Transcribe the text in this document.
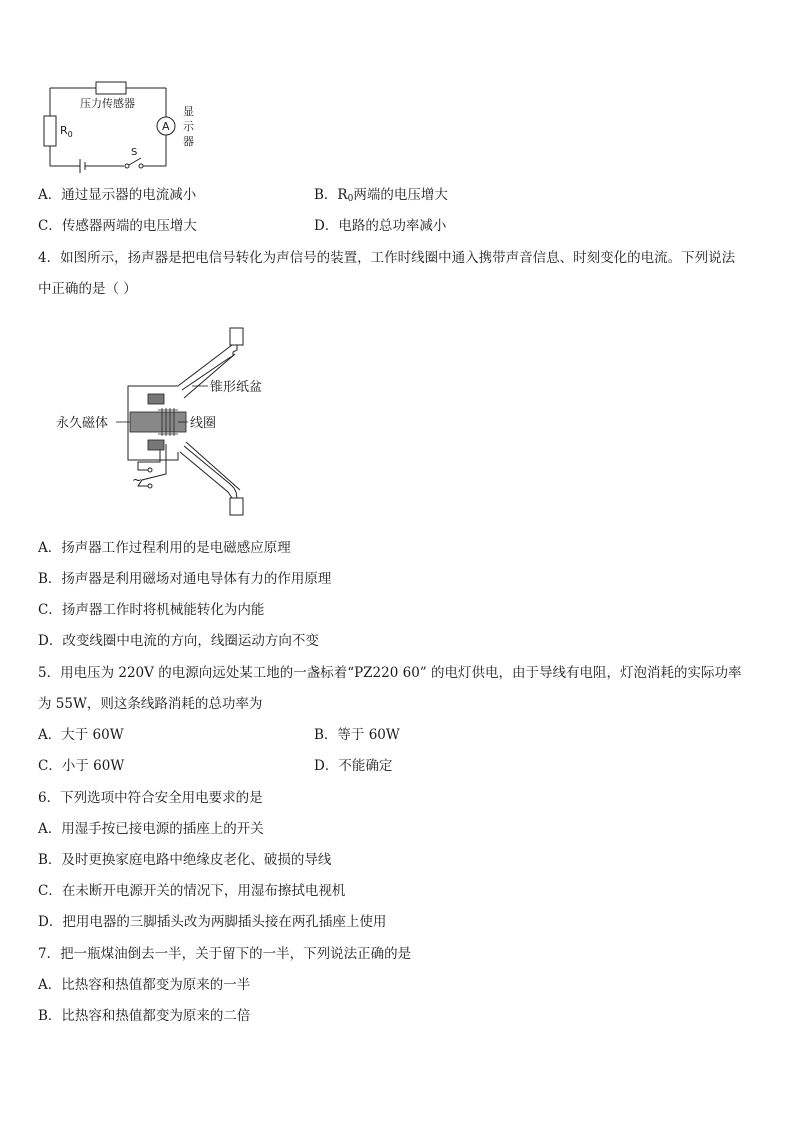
压力传感器
$R_0$
A
显
示
器
S
A．通过显示器的电流减小	B．$R_0$两端的电压增大
C．传感器两端的电压增大	D．电路的总功率减小
4．如图所示，扬声器是把电信号转化为声信号的装置，工作时线圈中通入携带声音信息、时刻变化的电流。下列说法
中正确的是（ ）
~
锥形纸盆
永久磁体	线圈
A．扬声器工作过程利用的是电磁感应原理
B．扬声器是利用磁场对通电导体有力的作用原理
C．扬声器工作时将机械能转化为内能
D．改变线圈中电流的方向，线圈运动方向不变
5．用电压为 220V 的电源向远处某工地的一盏标着“PZ220 60” 的电灯供电，由于导线有电阻，灯泡消耗的实际功率
为 55W，则这条线路消耗的总功率为
A．大于 60W	B．等于 60W
C．小于 60W	D．不能确定
6．下列选项中符合安全用电要求的是
A．用湿手按已接电源的插座上的开关
B．及时更换家庭电路中绝缘皮老化、破损的导线
C．在未断开电源开关的情况下，用湿布擦拭电视机
D．把用电器的三脚插头改为两脚插头接在两孔插座上使用
7．把一瓶煤油倒去一半，关于留下的一半，下列说法正确的是
A．比热容和热值都变为原来的一半
B．比热容和热值都变为原来的二倍
